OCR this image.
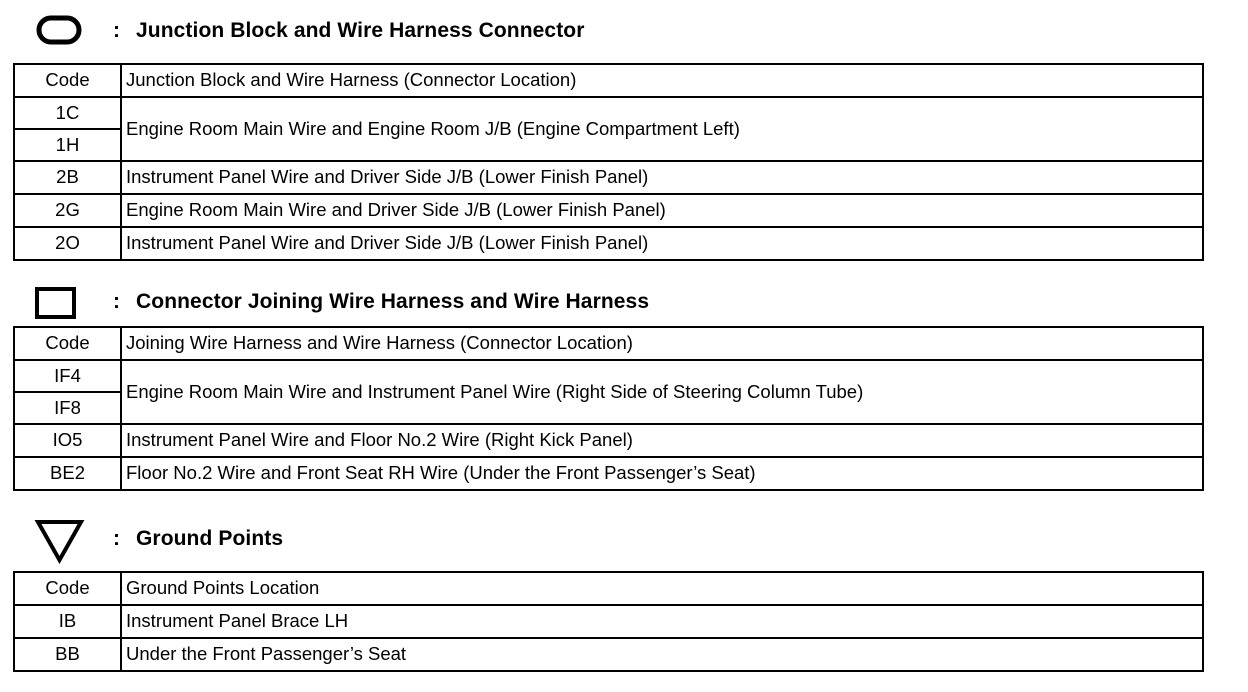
: Junction Block and Wire Harness Connector
Code	Junction Block and Wire Harness (Connector Location)
1C	Engine Room Main Wire and Engine Room J/B (Engine Compartment Left)
1H	
2B	Instrument Panel Wire and Driver Side J/B (Lower Finish Panel)
2G	Engine Room Main Wire and Driver Side J/B (Lower Finish Panel)
2O	Instrument Panel Wire and Driver Side J/B (Lower Finish Panel)
: Connector Joining Wire Harness and Wire Harness
Code	Joining Wire Harness and Wire Harness (Connector Location)
IF4	Engine Room Main Wire and Instrument Panel Wire (Right Side of Steering Column Tube)
IF8	
IO5	Instrument Panel Wire and Floor No.2 Wire (Right Kick Panel)
BE2	Floor No.2 Wire and Front Seat RH Wire (Under the Front Passenger’s Seat)
: Ground Points
Code	Ground Points Location
IB	Instrument Panel Brace LH
BB	Under the Front Passenger’s Seat
